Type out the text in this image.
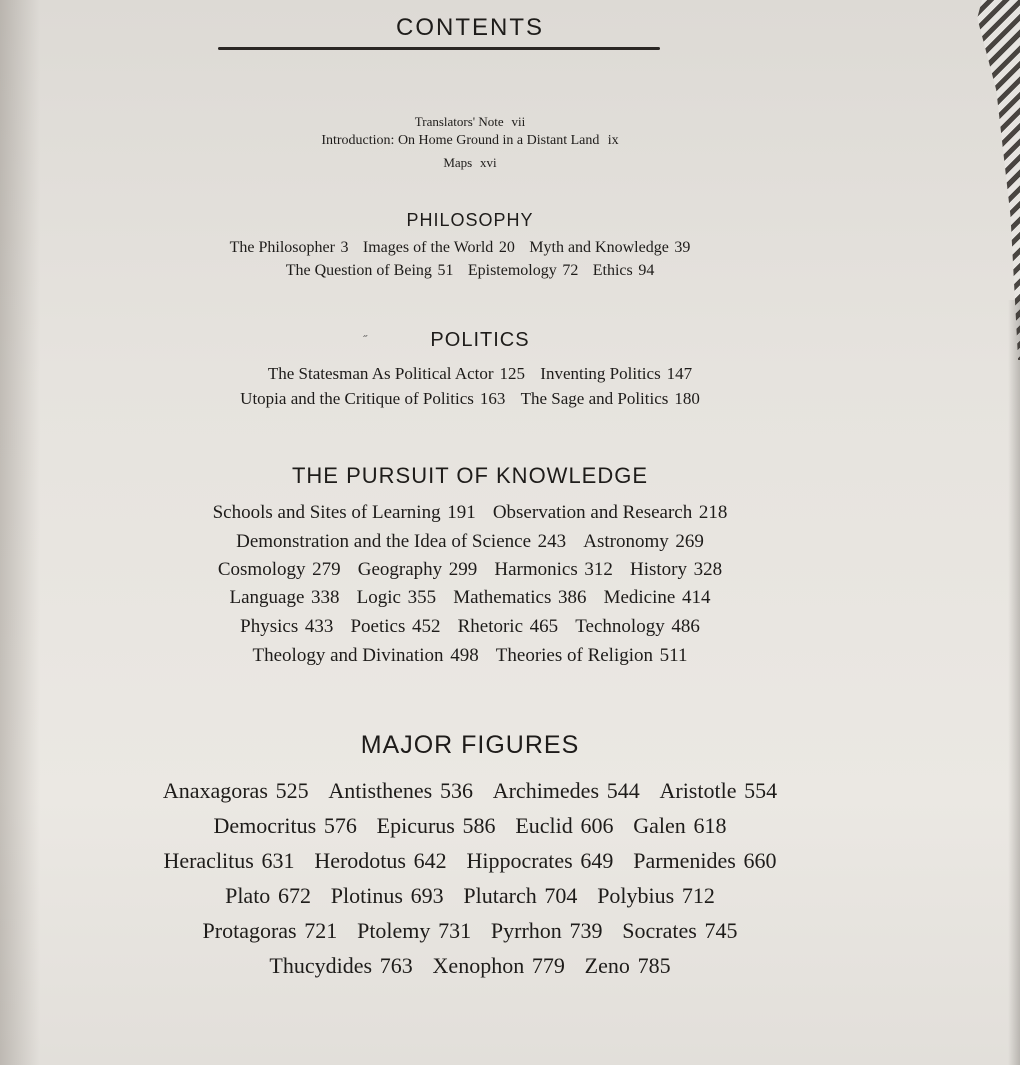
CONTENTS
Translators' Note vii
Introduction: On Home Ground in a Distant Land ix
Maps xvi
PHILOSOPHY
The Philosopher 3 Images of the World 20 Myth and Knowledge 39
The Question of Being 51 Epistemology 72 Ethics 94
˝	POLITICS
The Statesman As Political Actor 125 Inventing Politics 147
Utopia and the Critique of Politics 163 The Sage and Politics 180
THE PURSUIT OF KNOWLEDGE
Schools and Sites of Learning 191 Observation and Research 218
Demonstration and the Idea of Science 243 Astronomy 269
Cosmology 279 Geography 299 Harmonics 312 History 328
Language 338 Logic 355 Mathematics 386 Medicine 414
Physics 433 Poetics 452 Rhetoric 465 Technology 486
Theology and Divination 498 Theories of Religion 511
MAJOR FIGURES
Anaxagoras 525 Antisthenes 536 Archimedes 544 Aristotle 554
Democritus 576 Epicurus 586 Euclid 606 Galen 618
Heraclitus 631 Herodotus 642 Hippocrates 649 Parmenides 660
Plato 672 Plotinus 693 Plutarch 704 Polybius 712
Protagoras 721 Ptolemy 731 Pyrrhon 739 Socrates 745
Thucydides 763 Xenophon 779 Zeno 785
